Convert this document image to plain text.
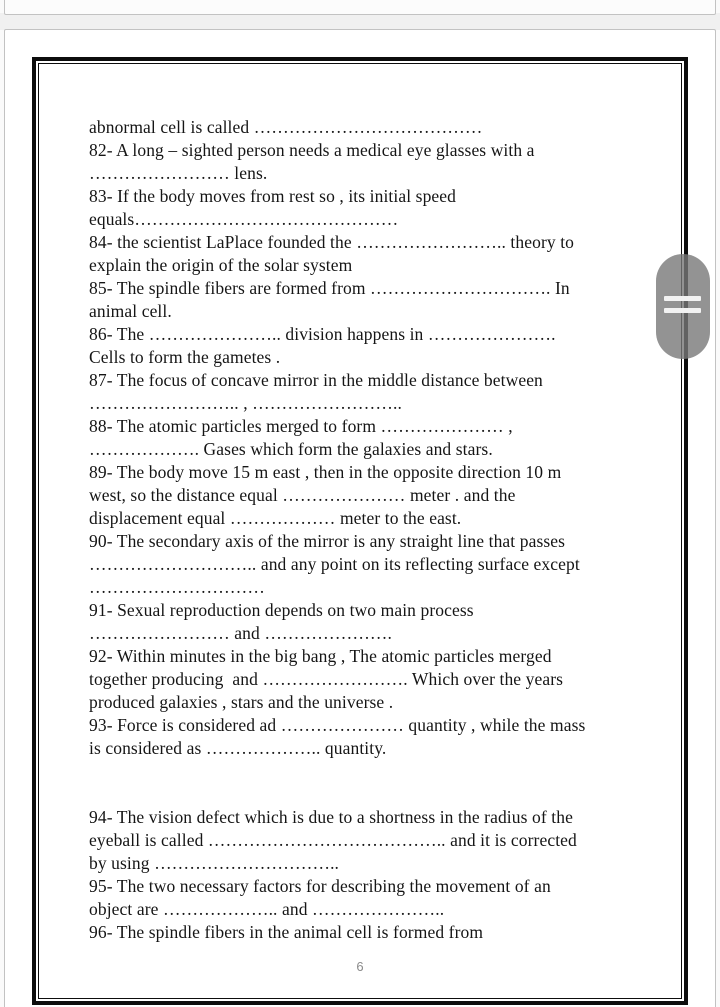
abnormal cell is called …………………………………
82- A long – sighted person needs a medical eye glasses with a
…………………… lens.
83- If the body moves from rest so , its initial speed
equals………………………………………
84- the scientist LaPlace founded the …………………….. theory to
explain the origin of the solar system
85- The spindle fibers are formed from …………………………. In
animal cell.
86- The ………………….. division happens in ………………….
Cells to form the gametes .
87- The focus of concave mirror in the middle distance between
…………………….. , ……………………..
88- The atomic particles merged to form ………………… ,
………………. Gases which form the galaxies and stars.
89- The body move 15 m east , then in the opposite direction 10 m
west, so the distance equal ………………… meter . and the
displacement equal ……………… meter to the east.
90- The secondary axis of the mirror is any straight line that passes
……………………….. and any point on its reflecting surface except
…………………………
91- Sexual reproduction depends on two main process
…………………… and ………………….
92- Within minutes in the big bang , The atomic particles merged
together producing  and ……………………. Which over the years
produced galaxies , stars and the universe .
93- Force is considered ad ………………… quantity , while the mass
is considered as ……………….. quantity.
94- The vision defect which is due to a shortness in the radius of the
eyeball is called ………………………………….. and it is corrected
by using …………………………..
95- The two necessary factors for describing the movement of an
object are ……………….. and …………………..
96- The spindle fibers in the animal cell is formed from
6
